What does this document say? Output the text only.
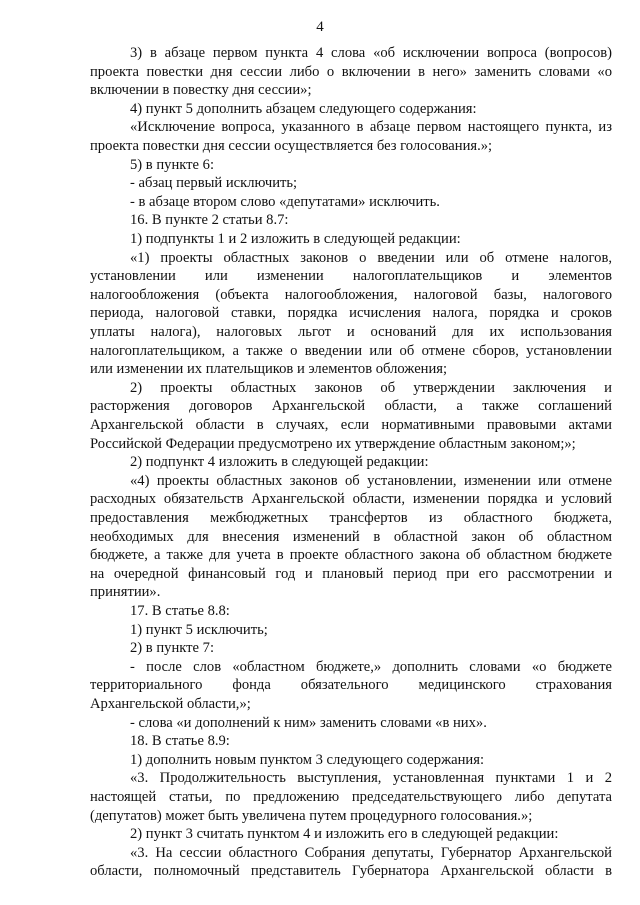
4
3) в абзаце первом пункта 4 слова «об исключении вопроса (вопросов)
проекта повестки дня сессии либо о включении в него» заменить словами «о
включении в повестку дня сессии»;
4) пункт 5 дополнить абзацем следующего содержания:
«Исключение вопроса, указанного в абзаце первом настоящего пункта, из
проекта повестки дня сессии осуществляется без голосования.»;
5) в пункте 6:
- абзац первый исключить;
- в абзаце втором слово «депутатами» исключить.
16. В пункте 2 статьи 8.7:
1) подпункты 1 и 2 изложить в следующей редакции:
«1) проекты областных законов о введении или об отмене налогов,
установлении или изменении налогоплательщиков и элементов
налогообложения (объекта налогообложения, налоговой базы, налогового
периода, налоговой ставки, порядка исчисления налога, порядка и сроков
уплаты налога), налоговых льгот и оснований для их использования
налогоплательщиком, а также о введении или об отмене сборов, установлении
или изменении их плательщиков и элементов обложения;
2) проекты областных законов об утверждении заключения и
расторжения договоров Архангельской области, а также соглашений
Архангельской области в случаях, если нормативными правовыми актами
Российской Федерации предусмотрено их утверждение областным законом;»;
2) подпункт 4 изложить в следующей редакции:
«4) проекты областных законов об установлении, изменении или отмене
расходных обязательств Архангельской области, изменении порядка и условий
предоставления межбюджетных трансфертов из областного бюджета,
необходимых для внесения изменений в областной закон об областном
бюджете, а также для учета в проекте областного закона об областном бюджете
на очередной финансовый год и плановый период при его рассмотрении и
принятии».
17. В статье 8.8:
1) пункт 5 исключить;
2) в пункте 7:
- после слов «областном бюджете,» дополнить словами «о бюджете
территориального фонда обязательного медицинского страхования
Архангельской области,»;
- слова «и дополнений к ним» заменить словами «в них».
18. В статье 8.9:
1) дополнить новым пунктом 3 следующего содержания:
«3. Продолжительность выступления, установленная пунктами 1 и 2
настоящей статьи, по предложению председательствующего либо депутата
(депутатов) может быть увеличена путем процедурного голосования.»;
2) пункт 3 считать пунктом 4 и изложить его в следующей редакции:
«3. На сессии областного Собрания депутаты, Губернатор Архангельской
области, полномочный представитель Губернатора Архангельской области в
